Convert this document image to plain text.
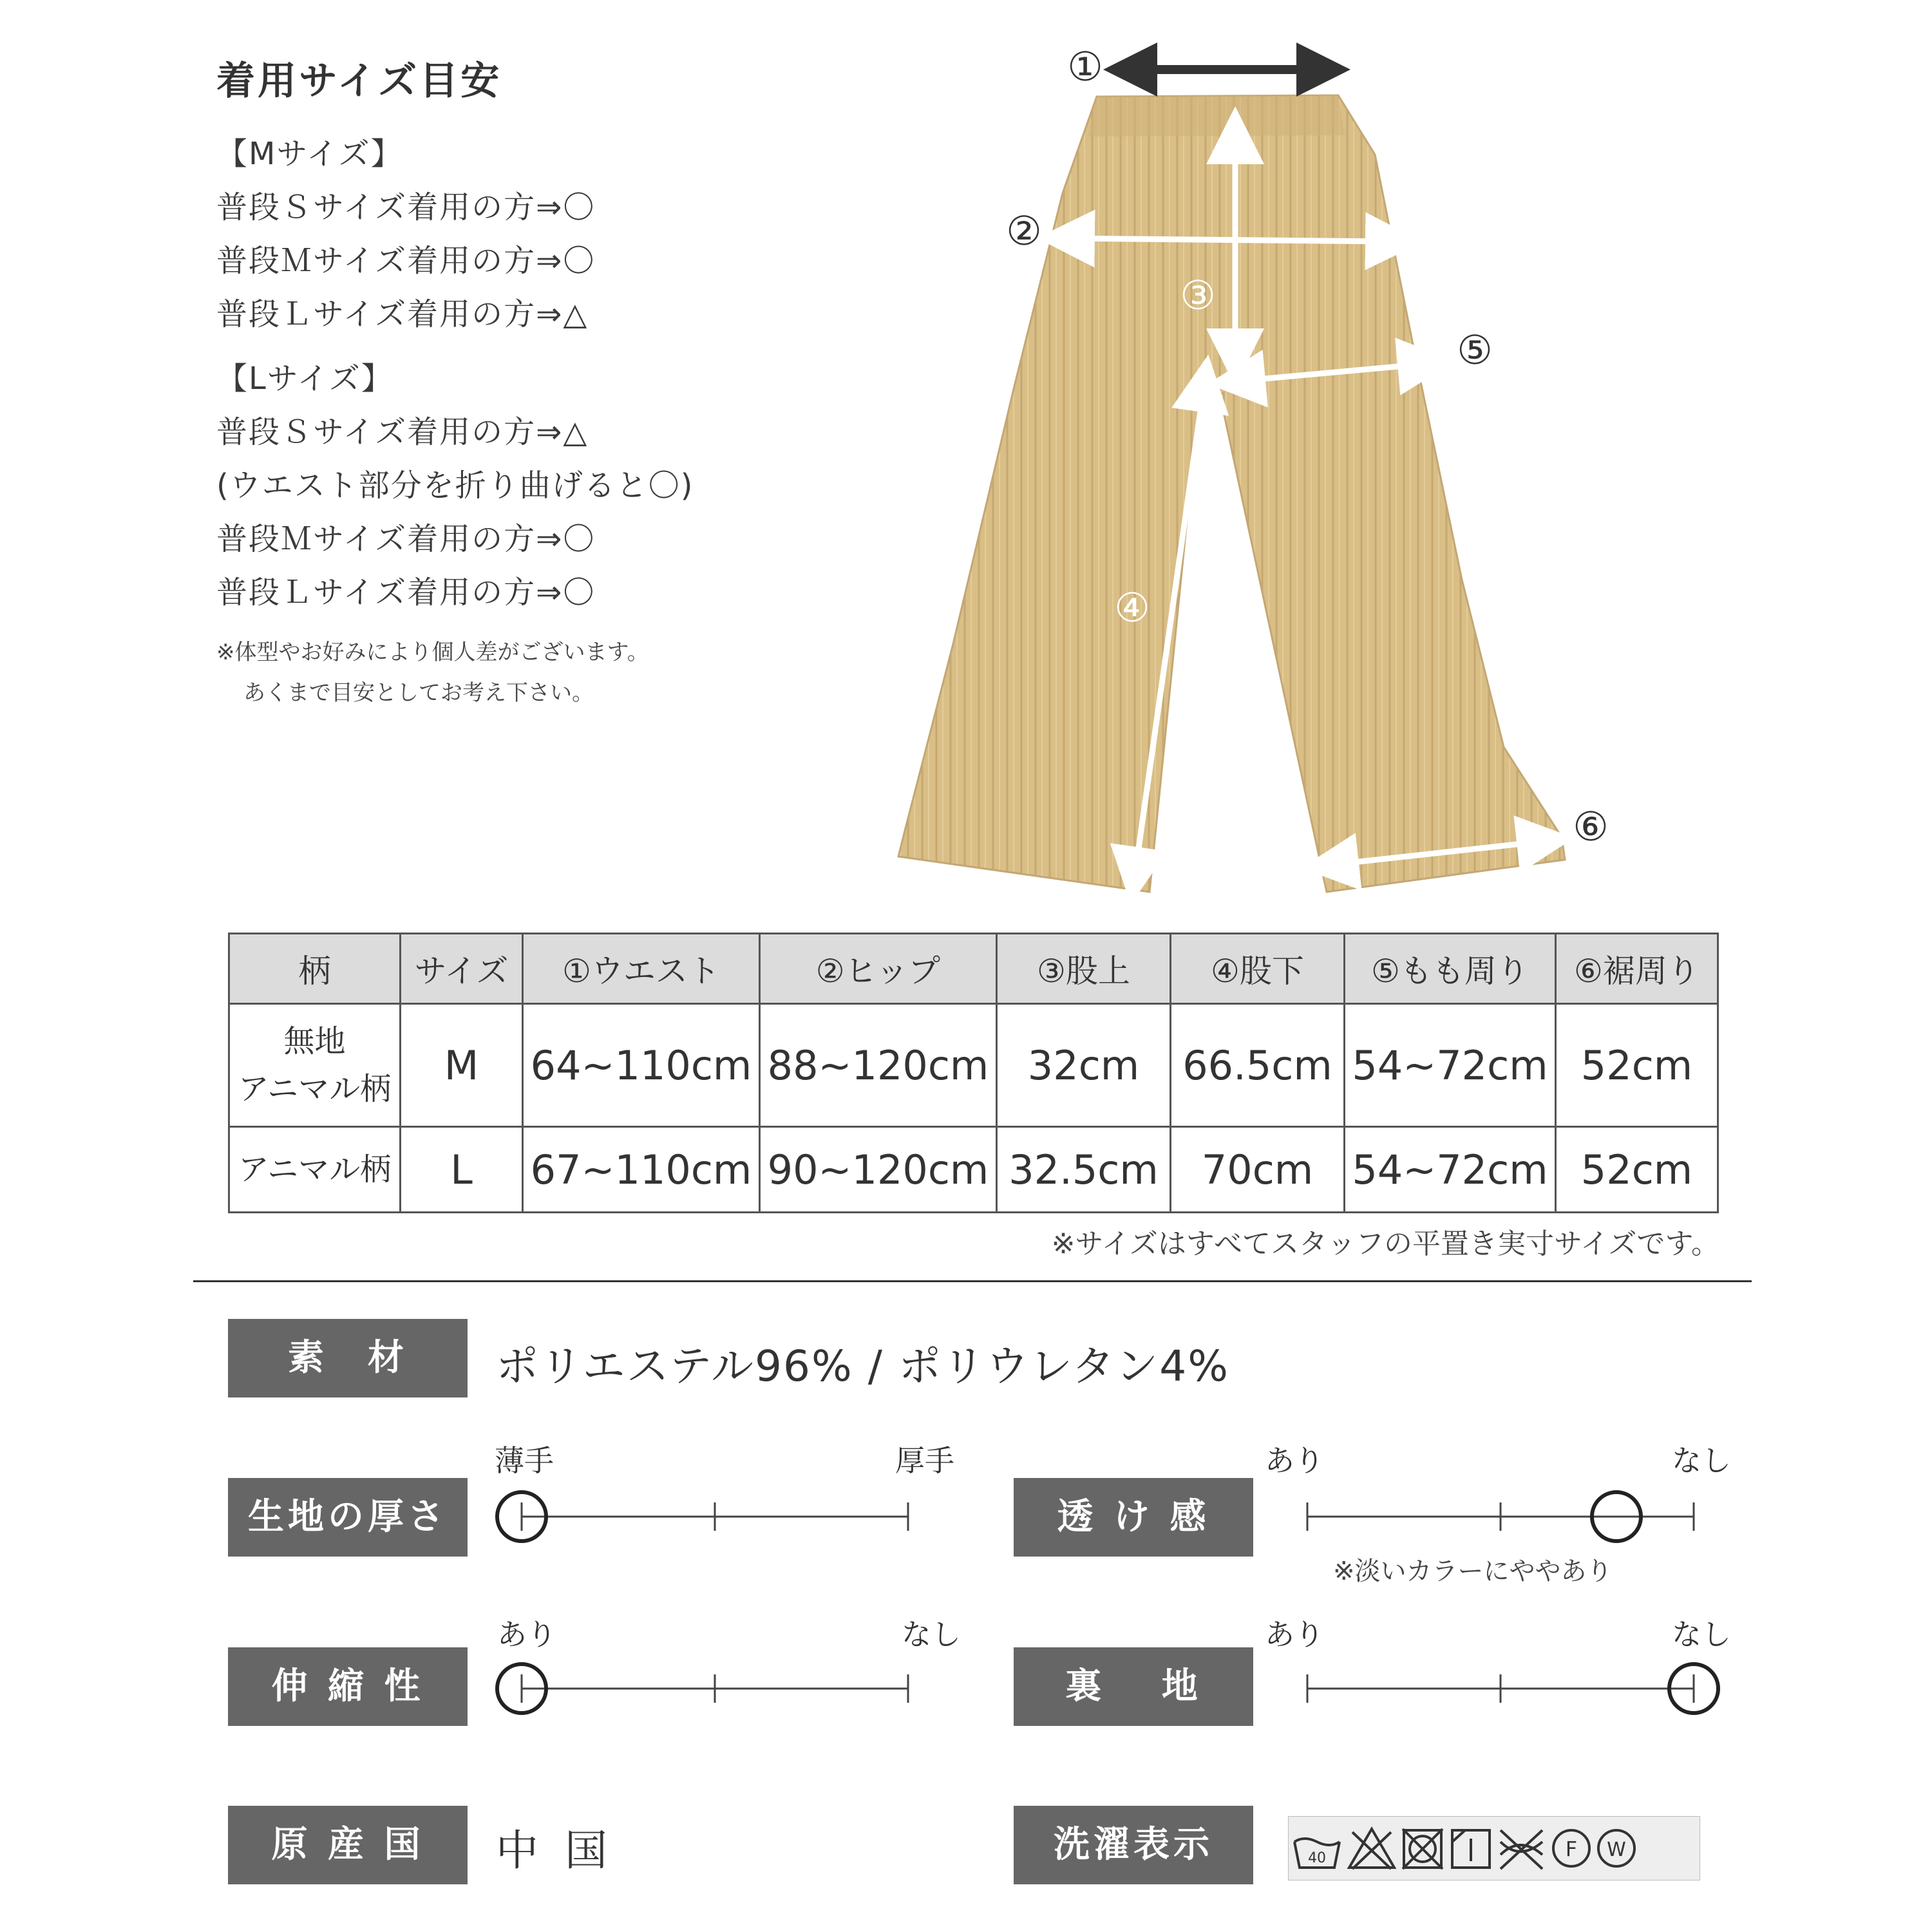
着用サイズ目安
【Mサイズ】
普段Ｓサイズ着用の方⇒〇
普段Ｍサイズ着用の方⇒〇
普段Ｌサイズ着用の方⇒△
【Lサイズ】
普段Ｓサイズ着用の方⇒△
(ウエスト部分を折り曲げると〇)
普段Ｍサイズ着用の方⇒〇
普段Ｌサイズ着用の方⇒〇
※体型やお好みにより個人差がございます。
あくまで目安としてお考え下さい。
①
②
③
④
⑤
⑥
柄	サイズ	①ウエスト	②ヒップ	③股上	④股下	⑤もも周り	⑥裾周り

無地
アニマル柄	M	64~110cm	88~120cm	32cm	66.5cm	54~72cm	52cm
アニマル柄	L	67~110cm	90~120cm	32.5cm	70cm	54~72cm	52cm
※サイズはすべてスタッフの平置き実寸サイズです。
素　材	ポリエステル96% / ポリウレタン4%
生地の厚さ
薄手	厚手
透 け 感
あり	なし
※淡いカラーにややあり
伸 縮 性
あり	なし
裏　 地
あり	なし
原 産 国	中 国	洗濯表示	40	F W
